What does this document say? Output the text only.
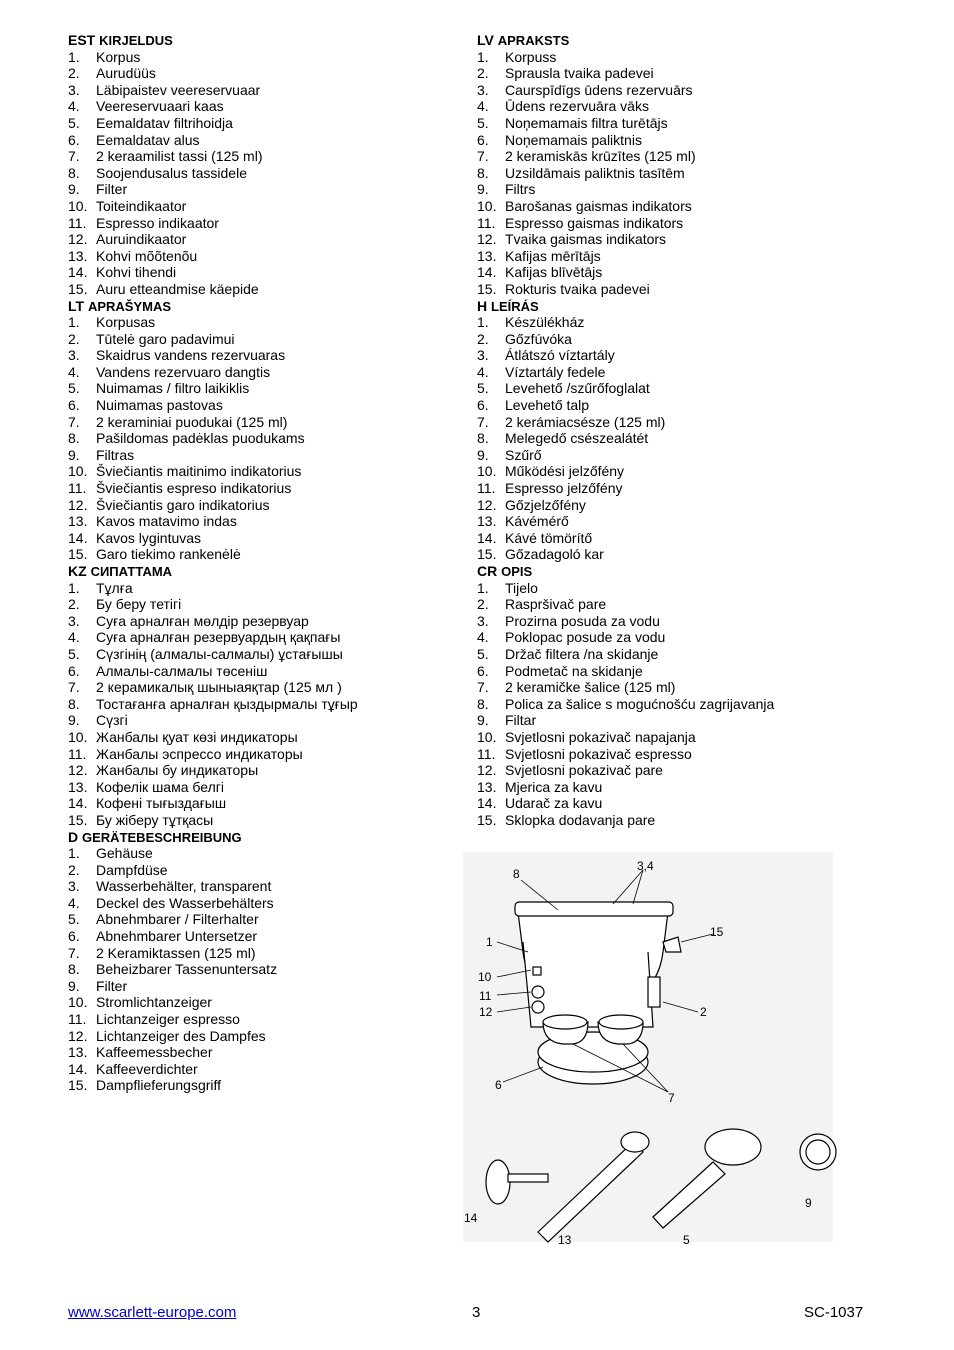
EST KIRJELDUS
1. Korpus
2. Aurudüüs
3. Läbipaistev veereservuaar
4. Veereservuaari kaas
5. Eemaldatav filtrihoidja
6. Eemaldatav alus
7. 2 keraamilist tassi (125 ml)
8. Soojendusalus tassidele
9. Filter
10. Toiteindikaator
11. Espresso indikaator
12. Auruindikaator
13. Kohvi mõõtenõu
14. Kohvi tihendi
15. Auru etteandmise käepide
LT APRAŠYMAS
1. Korpusas
2. Tūtelė garo padavimui
3. Skaidrus vandens rezervuaras
4. Vandens rezervuaro dangtis
5. Nuimamas / filtro laikiklis
6. Nuimamas pastovas
7. 2 keraminiai puodukai (125 ml)
8. Pašildomas padėklas puodukams
9. Filtras
10. Šviečiantis maitinimo indikatorius
11. Šviečiantis espreso indikatorius
12. Šviečiantis garo indikatorius
13. Kavos matavimo indas
14. Kavos lygintuvas
15. Garo tiekimo rankenėlė
KZ СИПАТТАМА
1. Тұлға
2. Бу беру тетігі
3. Суға арналған мөлдір резервуар
4. Суға арналған резервуардың қақпағы
5. Сүзгінің (алмалы-салмалы) ұстағышы
6. Алмалы-салмалы төсеніш
7. 2 керамикалық шыныаяқтар (125 мл )
8. Тостағанға арналған қыздырмалы тұғыр
9. Сүзгі
10. Жанбалы қуат көзі индикаторы
11. Жанбалы эспрессо индикаторы
12. Жанбалы бу индикаторы
13. Кофелік шама белгі
14. Кофені тығыздағыш
15. Бу жіберу тұтқасы
D GERÄTEBESCHREIBUNG
1. Gehäuse
2. Dampfdüse
3. Wasserbehälter, transparent
4. Deckel des Wasserbehälters
5. Abnehmbarer / Filterhalter
6. Abnehmbarer Untersetzer
7. 2 Keramiktassen (125 ml)
8. Beheizbarer Tassenuntersatz
9. Filter
10. Stromlichtanzeiger
11. Lichtanzeiger espresso
12. Lichtanzeiger des Dampfes
13. Kaffeemessbecher
14. Kaffeeverdichter
15. Dampflieferungsgriff
LV APRAKSTS
1. Korpuss
2. Sprausla tvaika padevei
3. Caurspīdīgs ūdens rezervuārs
4. Ūdens rezervuāra vāks
5. Noņemamais filtra turētājs
6. Noņemamais paliktnis
7. 2 keramiskās krūzītes (125 ml)
8. Uzsildāmais paliktnis tasītēm
9. Filtrs
10. Barošanas gaismas indikators
11. Espresso gaismas indikators
12. Tvaika gaismas indikators
13. Kafijas mērītājs
14. Kafijas blīvētājs
15. Rokturis tvaika padevei
H LEÍRÁS
1. Készülékház
2. Gőzfúvóka
3. Átlátszó víztartály
4. Víztartály fedele
5. Levehető /szűrőfoglalat
6. Levehető talp
7. 2 kerámiacsésze (125 ml)
8. Melegedő csészealátét
9. Szűrő
10. Működési jelzőfény
11. Espresso jelzőfény
12. Gőzjelzőfény
13. Kávémérő
14. Kávé tömörítő
15. Gőzadagoló kar
CR OPIS
1. Tijelo
2. Raspršivač pare
3. Prozirna posuda za vodu
4. Poklopac posude za vodu
5. Držač filtera /na skidanje
6. Podmetač na skidanje
7. 2 keramičke šalice (125 ml)
8. Polica za šalice s mogućnošću zagrijavanja
9. Filtar
10. Svjetlosni pokazivač napajanja
11. Svjetlosni pokazivač espresso
12. Svjetlosni pokazivač pare
13. Mjerica za kavu
14. Udarač za kavu
15. Sklopka dodavanja pare
8
3,4
1
15
10
11
12	2
6
7
14
13	5
9
www.scarlett-europe.com	3	SC-1037
